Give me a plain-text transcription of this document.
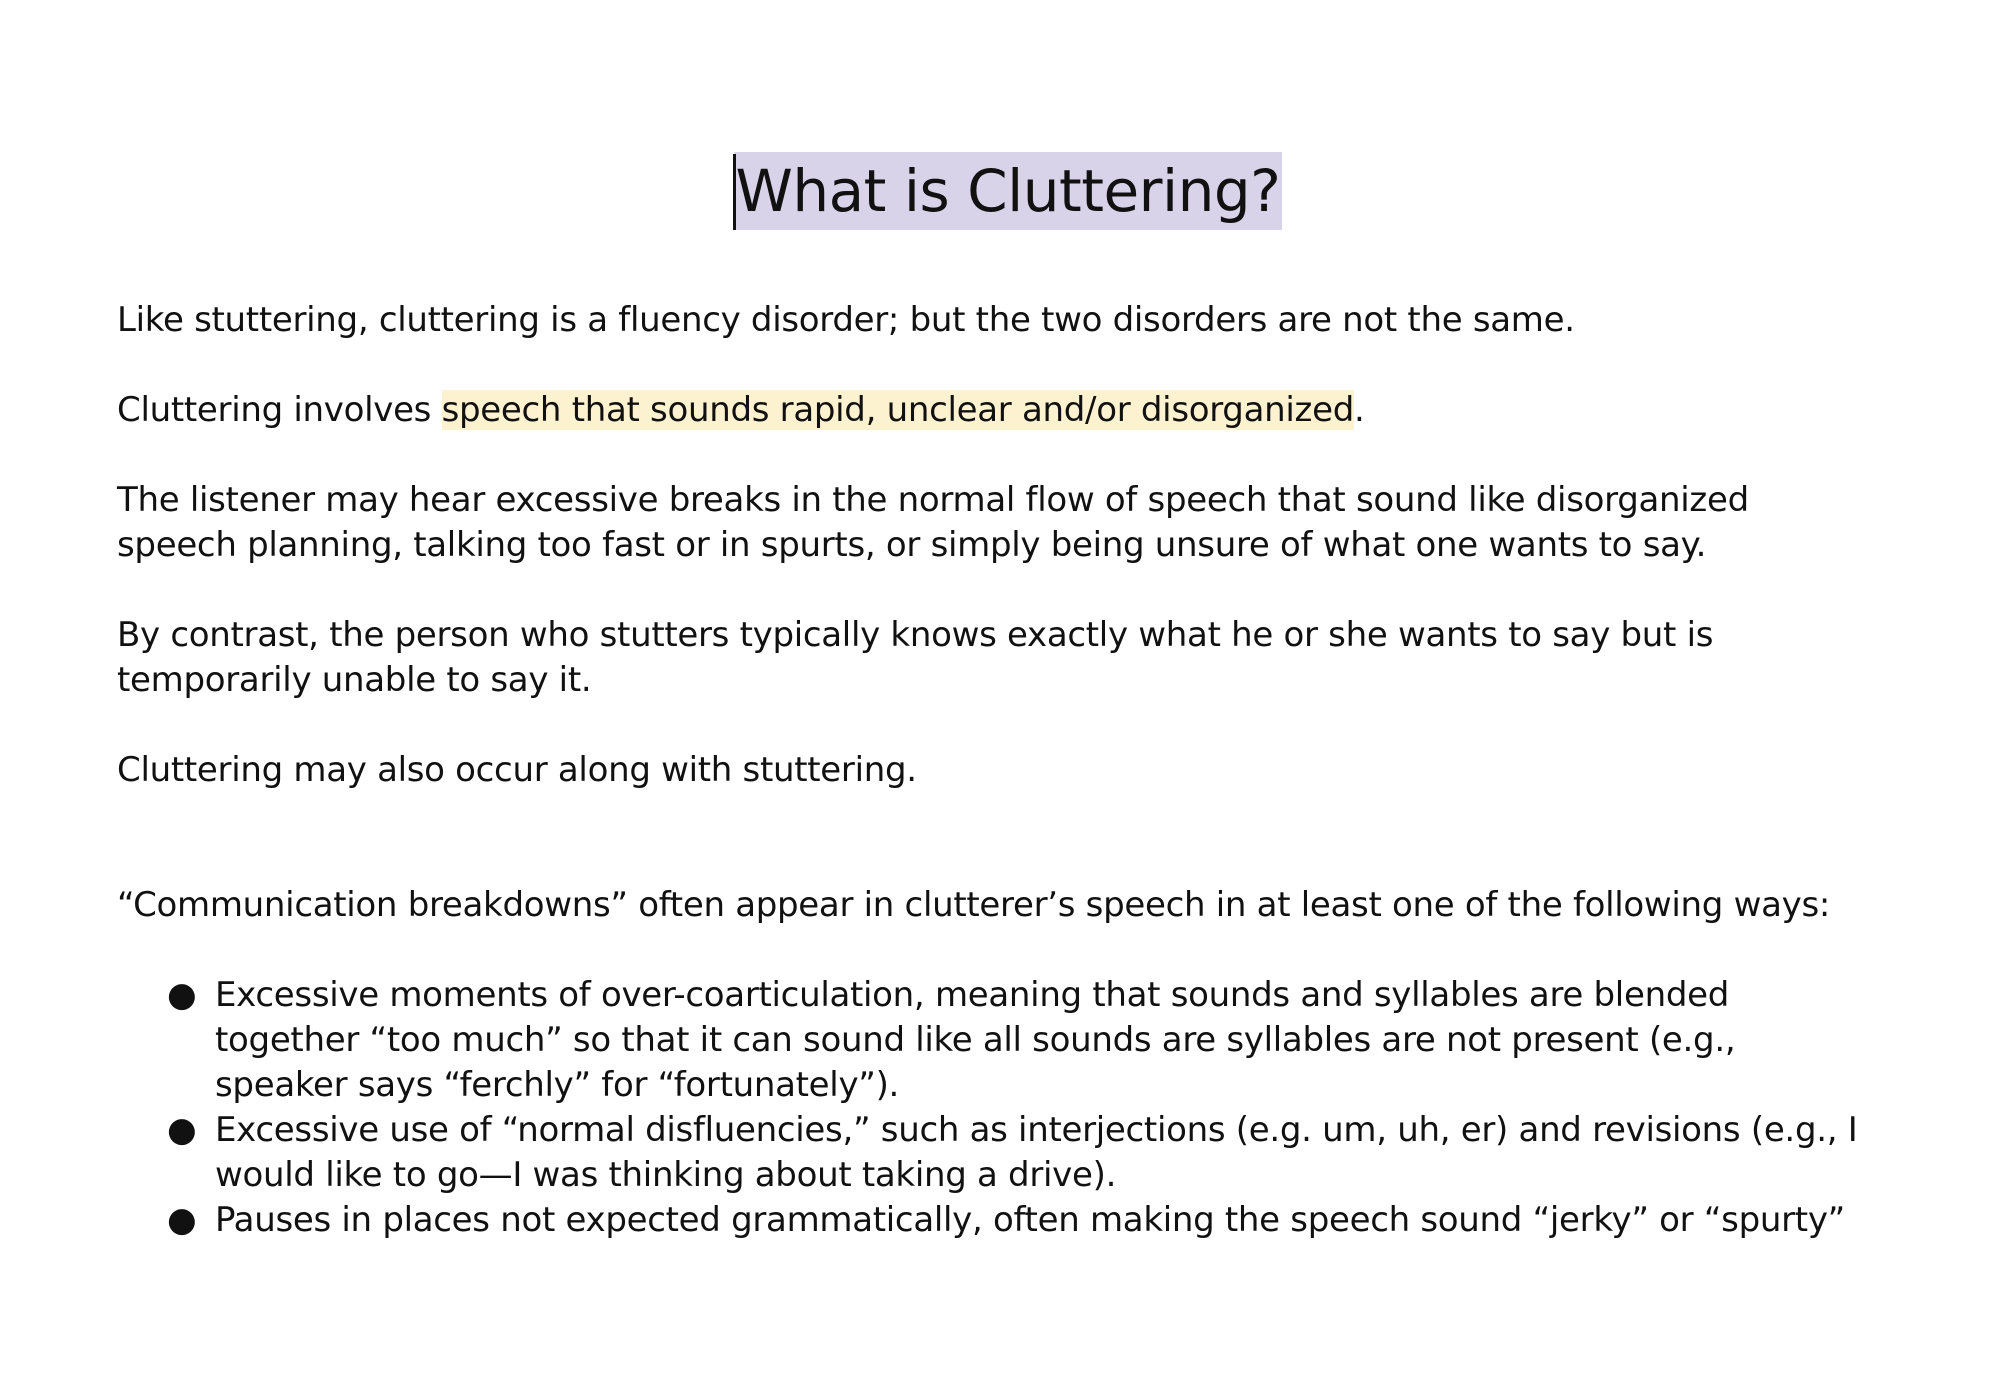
What is Cluttering?
Like stuttering, cluttering is a fluency disorder; but the two disorders are not the same.
Cluttering involves speech that sounds rapid, unclear and/or disorganized.
The listener may hear excessive breaks in the normal flow of speech that sound like disorganized
speech planning, talking too fast or in spurts, or simply being unsure of what one wants to say.
By contrast, the person who stutters typically knows exactly what he or she wants to say but is
temporarily unable to say it.
Cluttering may also occur along with stuttering.
“Communication breakdowns” often appear in clutterer’s speech in at least one of the following ways:
● Excessive moments of over-coarticulation, meaning that sounds and syllables are blended
together “too much” so that it can sound like all sounds are syllables are not present (e.g.,
speaker says “ferchly” for “fortunately”).
● Excessive use of “normal disfluencies,” such as interjections (e.g. um, uh, er) and revisions (e.g., I
would like to go—I was thinking about taking a drive).
● Pauses in places not expected grammatically, often making the speech sound “jerky” or “spurty”
